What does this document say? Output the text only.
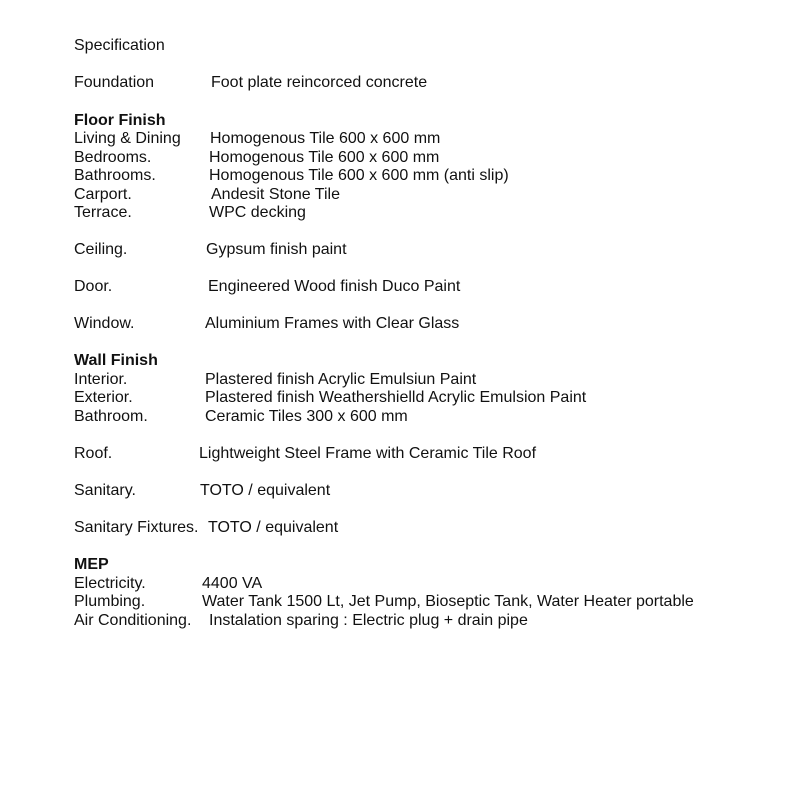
Specification
Foundation	Foot plate reincorced concrete
Floor Finish
Living & Dining Homogenous Tile 600 x 600 mm
Bedrooms.	Homogenous Tile 600 x 600 mm
Bathrooms.	Homogenous Tile 600 x 600 mm (anti slip)
Carport.	Andesit Stone Tile
Terrace.	WPC decking
Ceiling.	Gypsum finish paint
Door.	Engineered Wood finish Duco Paint
Window.	Aluminium Frames with Clear Glass
Wall Finish
Interior.	Plastered finish Acrylic Emulsiun Paint
Exterior.	Plastered finish Weathershielld Acrylic Emulsion Paint
Bathroom.	Ceramic Tiles 300 x 600 mm
Roof.	Lightweight Steel Frame with Ceramic Tile Roof
Sanitary.	TOTO / equivalent
Sanitary Fixtures. TOTO / equivalent
MEP
Electricity.	4400 VA
Plumbing.	Water Tank 1500 Lt, Jet Pump, Bioseptic Tank, Water Heater portable
Air Conditioning. Instalation sparing : Electric plug + drain pipe
